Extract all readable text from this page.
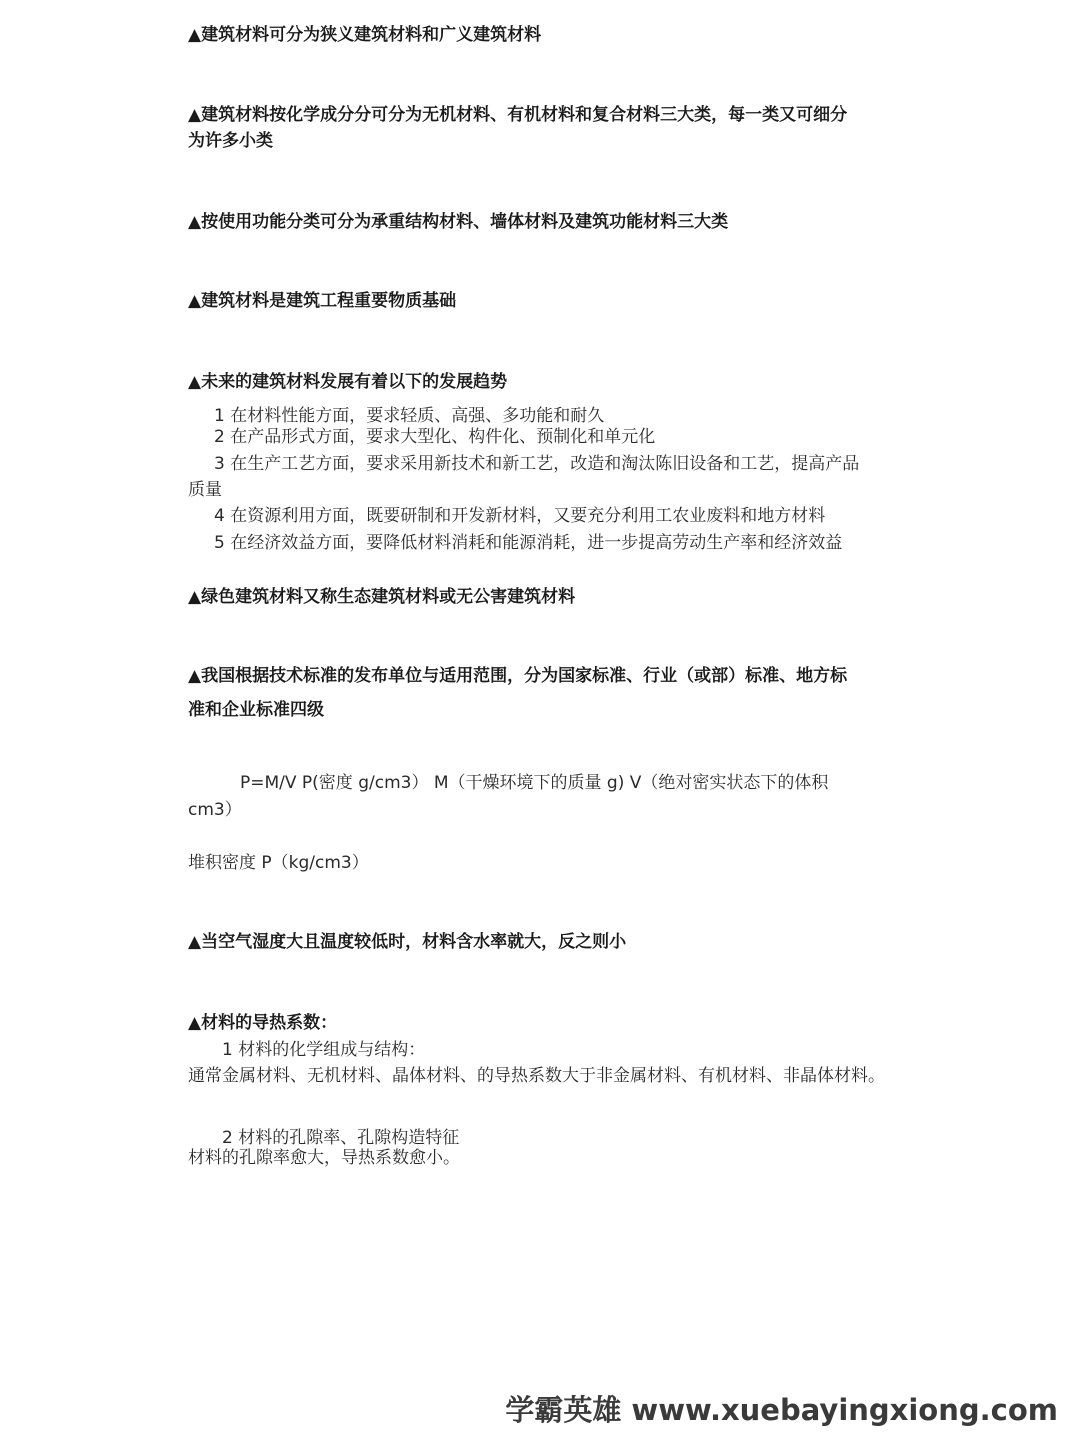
▲建筑材料可分为狭义建筑材料和广义建筑材料
▲建筑材料按化学成分分可分为无机材料、有机材料和复合材料三大类，每一类又可细分
为许多小类
▲按使用功能分类可分为承重结构材料、墙体材料及建筑功能材料三大类
▲建筑材料是建筑工程重要物质基础
▲未来的建筑材料发展有着以下的发展趋势
1 在材料性能方面，要求轻质、高强、多功能和耐久
2 在产品形式方面，要求大型化、构件化、预制化和单元化
3 在生产工艺方面，要求采用新技术和新工艺，改造和淘汰陈旧设备和工艺，提高产品
质量
4 在资源利用方面，既要研制和开发新材料，又要充分利用工农业废料和地方材料
5 在经济效益方面，要降低材料消耗和能源消耗，进一步提高劳动生产率和经济效益
▲绿色建筑材料又称生态建筑材料或无公害建筑材料
▲我国根据技术标准的发布单位与适用范围，分为国家标准、行业（或部）标准、地方标
准和企业标准四级
P=M/V P(密度 g/cm3） M（干燥环境下的质量 g) V（绝对密实状态下的体积
cm3）
堆积密度 P（kg/cm3）
▲当空气湿度大且温度较低时，材料含水率就大，反之则小
▲材料的导热系数：
1 材料的化学组成与结构：
通常金属材料、无机材料、晶体材料、的导热系数大于非金属材料、有机材料、非晶体材料。
2 材料的孔隙率、孔隙构造特征
材料的孔隙率愈大，导热系数愈小。
学霸英雄 www.xuebayingxiong.com
